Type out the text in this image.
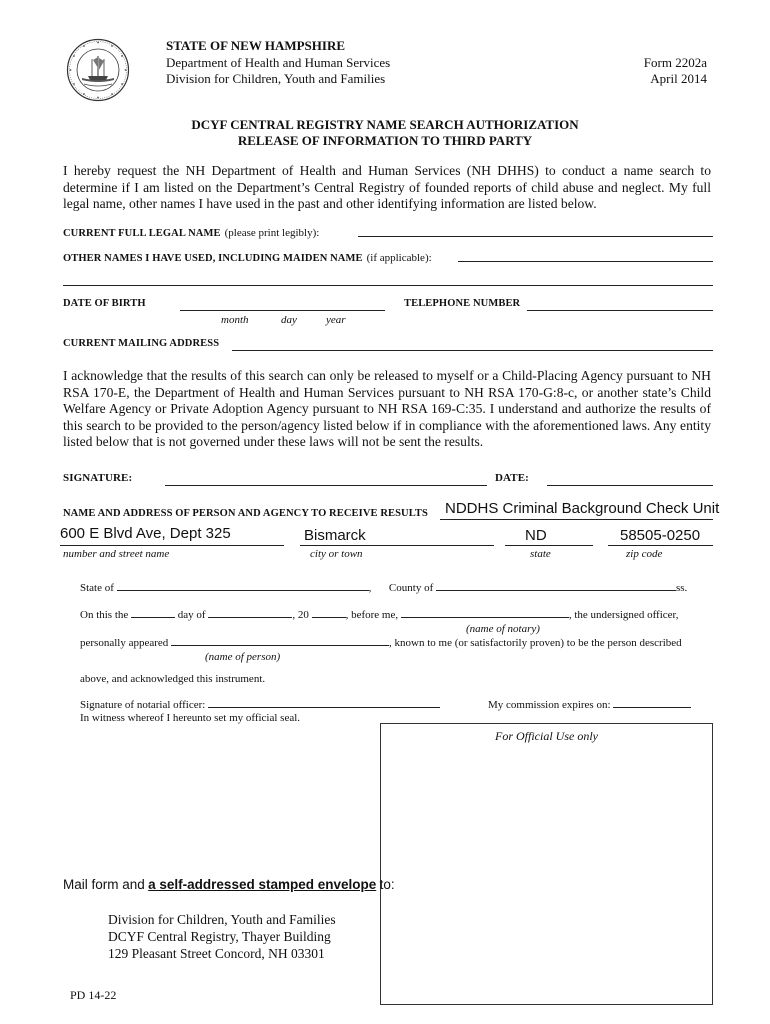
STATE OF NEW HAMPSHIRE
Department of Health and Human Services
Division for Children, Youth and Families
Form 2202a
April 2014
DCYF CENTRAL REGISTRY NAME SEARCH AUTHORIZATION
RELEASE OF INFORMATION TO THIRD PARTY
I hereby request the NH Department of Health and Human Services (NH DHHS) to conduct a name search to determine if I am listed on the Department’s Central Registry of founded reports of child abuse and neglect. My full legal name, other names I have used in the past and other identifying information are listed below.
CURRENT FULL LEGAL NAME (please print legibly):
OTHER NAMES I HAVE USED, INCLUDING MAIDEN NAME (if applicable):
DATE OF BIRTH
month	day	year
TELEPHONE NUMBER
CURRENT MAILING ADDRESS
I acknowledge that the results of this search can only be released to myself or a Child-Placing Agency pursuant to NH RSA 170-E, the Department of Health and Human Services pursuant to NH RSA 170-G:8-c, or another state’s Child Welfare Agency or Private Adoption Agency pursuant to NH RSA 169-C:35. I understand and authorize the results of this search to be provided to the person/agency listed below if in compliance with the aforementioned laws. Any entity listed below that is not governed under these laws will not be sent the results.
SIGNATURE:	DATE:
NAME AND ADDRESS OF PERSON AND AGENCY TO RECEIVE RESULTS NDDHS Criminal Background Check Unit
600 E Blvd Ave, Dept 325	Bismarck	ND	58505-0250
number and street name	city or town	state	zip code
State of	, County of	ss.
On this the	day of	, 20	, before me,	, the undersigned officer,
(name of notary)
personally appeared	, known to me (or satisfactorily proven) to be the person described
(name of person)
above, and acknowledged this instrument.
Signature of notarial officer:	My commission expires on:
In witness whereof I hereunto set my official seal.
For Official Use only
Mail form and a self-addressed stamped envelope to:
Division for Children, Youth and Families
DCYF Central Registry, Thayer Building
129 Pleasant Street Concord, NH 03301
PD 14-22
